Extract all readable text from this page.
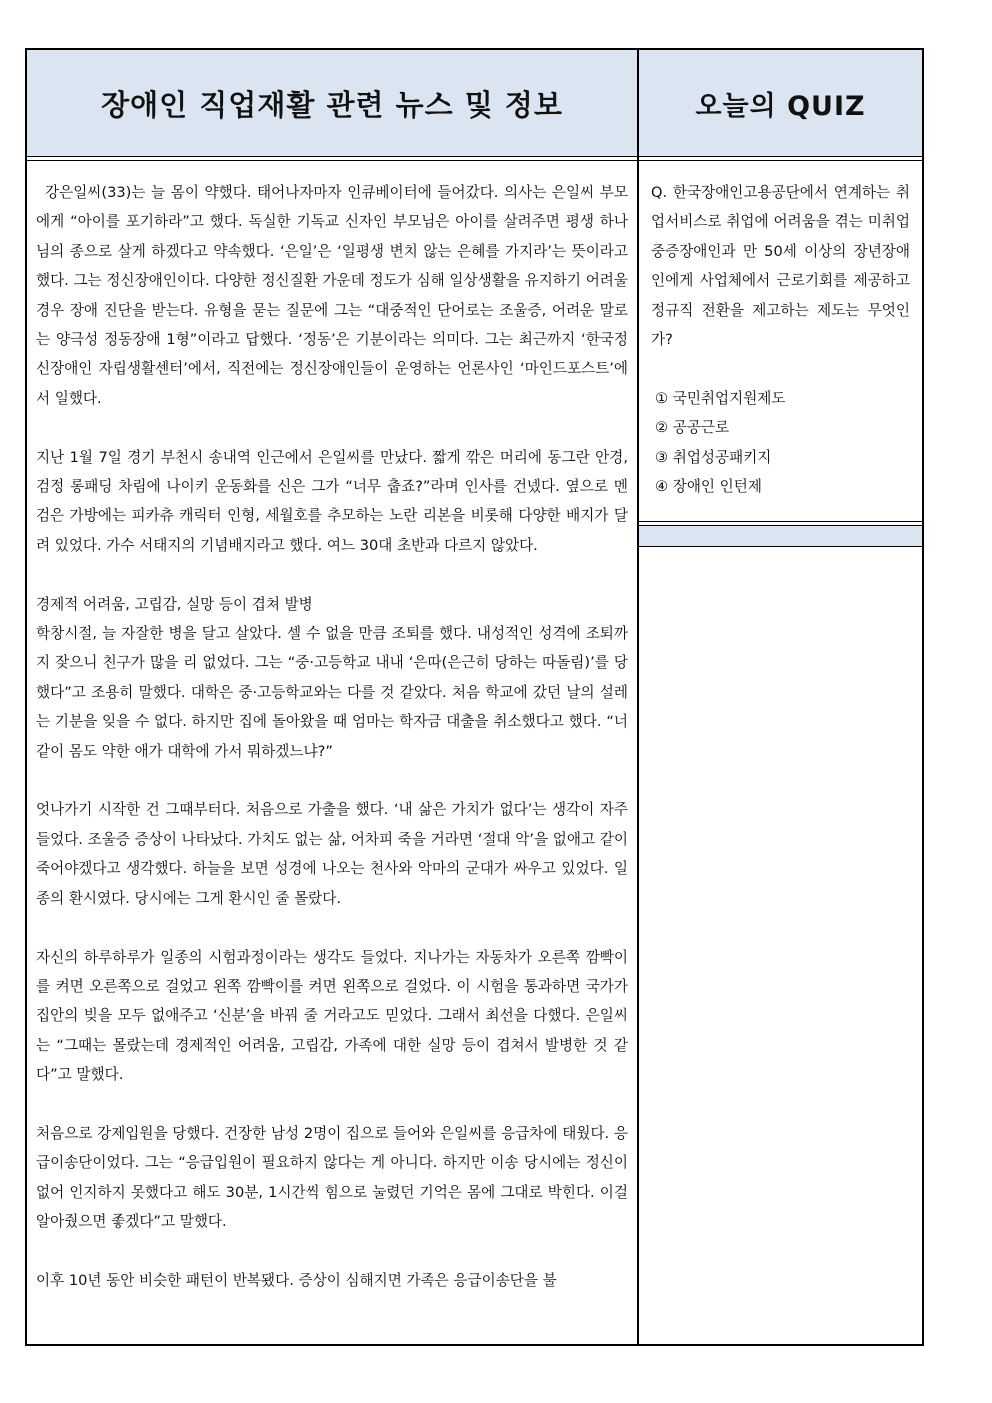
장애인 직업재활 관련 뉴스 및 정보

강은일씨(33)는 늘 몸이 약했다. 태어나자마자 인큐베이터에 들어갔다. 의사는 은일씨 부모에게 “아이를 포기하라”고 했다. 독실한 기독교 신자인 부모님은 아이를 살려주면 평생 하나님의 종으로 살게 하겠다고 약속했다. ‘은일’은 ‘일평생 변치 않는 은혜를 가지라’는 뜻이라고 했다. 그는 정신장애인이다. 다양한 정신질환 가운데 정도가 심해 일상생활을 유지하기 어려울 경우 장애 진단을 받는다. 유형을 묻는 질문에 그는 “대중적인 단어로는 조울증, 어려운 말로는 양극성 정동장애 1형”이라고 답했다. ‘정동’은 기분이라는 의미다. 그는 최근까지 ‘한국정신장애인 자립생활센터’에서, 직전에는 정신장애인들이 운영하는 언론사인 ‘마인드포스트’에서 일했다.

지난 1월 7일 경기 부천시 송내역 인근에서 은일씨를 만났다. 짧게 깎은 머리에 동그란 안경, 검정 롱패딩 차림에 나이키 운동화를 신은 그가 “너무 춥죠?”라며 인사를 건넸다. 옆으로 멘 검은 가방에는 피카츄 캐릭터 인형, 세월호를 추모하는 노란 리본을 비롯해 다양한 배지가 달려 있었다. 가수 서태지의 기념배지라고 했다. 여느 30대 초반과 다르지 않았다.

경제적 어려움, 고립감, 실망 등이 겹쳐 발병

학창시절, 늘 자잘한 병을 달고 살았다. 셀 수 없을 만큼 조퇴를 했다. 내성적인 성격에 조퇴까지 잦으니 친구가 많을 리 없었다. 그는 “중·고등학교 내내 ‘은따(은근히 당하는 따돌림)’를 당했다”고 조용히 말했다. 대학은 중·고등학교와는 다를 것 같았다. 처음 학교에 갔던 날의 설레는 기분을 잊을 수 없다. 하지만 집에 돌아왔을 때 엄마는 학자금 대출을 취소했다고 했다. “너같이 몸도 약한 애가 대학에 가서 뭐하겠느냐?”

엇나가기 시작한 건 그때부터다. 처음으로 가출을 했다. ‘내 삶은 가치가 없다’는 생각이 자주 들었다. 조울증 증상이 나타났다. 가치도 없는 삶, 어차피 죽을 거라면 ‘절대 악’을 없애고 같이 죽어야겠다고 생각했다. 하늘을 보면 성경에 나오는 천사와 악마의 군대가 싸우고 있었다. 일종의 환시였다. 당시에는 그게 환시인 줄 몰랐다.

자신의 하루하루가 일종의 시험과정이라는 생각도 들었다. 지나가는 자동차가 오른쪽 깜빡이를 켜면 오른쪽으로 걸었고 왼쪽 깜빡이를 켜면 왼쪽으로 걸었다. 이 시험을 통과하면 국가가 집안의 빚을 모두 없애주고 ‘신분’을 바꿔 줄 거라고도 믿었다. 그래서 최선을 다했다. 은일씨는 “그때는 몰랐는데 경제적인 어려움, 고립감, 가족에 대한 실망 등이 겹쳐서 발병한 것 같다”고 말했다.

처음으로 강제입원을 당했다. 건장한 남성 2명이 집으로 들어와 은일씨를 응급차에 태웠다. 응급이송단이었다. 그는 “응급입원이 필요하지 않다는 게 아니다. 하지만 이송 당시에는 정신이 없어 인지하지 못했다고 해도 30분, 1시간씩 힘으로 눌렸던 기억은 몸에 그대로 박힌다. 이걸 알아줬으면 좋겠다”고 말했다.

이후 10년 동안 비슷한 패턴이 반복됐다. 증상이 심해지면 가족은 응급이송단을 불

오늘의 QUIZ

Q. 한국장애인고용공단에서 연계하는 취업서비스로 취업에 어려움을 겪는 미취업 중증장애인과 만 50세 이상의 장년장애인에게 사업체에서 근로기회를 제공하고 정규직 전환을 제고하는 제도는 무엇인가?

① 국민취업지원제도
② 공공근로
③ 취업성공패키지
④ 장애인 인턴제
